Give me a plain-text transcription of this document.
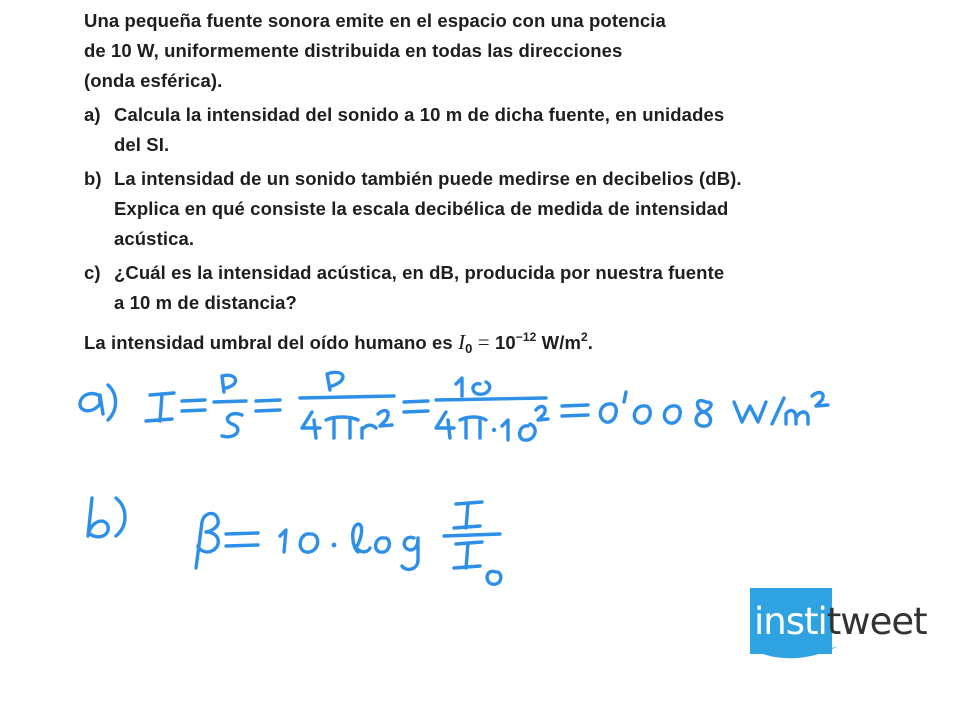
Una pequeña fuente sonora emite en el espacio con una potencia
de 10 W, uniformemente distribuida en todas las direcciones
(onda esférica).

a) Calcula la intensidad del sonido a 10 m de dicha fuente, en unidades
del SI.
b) La intensidad de un sonido también puede medirse en decibelios (dB).
Explica en qué consiste la escala decibélica de medida de intensidad
acústica.
c) ¿Cuál es la intensidad acústica, en dB, producida por nuestra fuente
a 10 m de distancia?
La intensidad umbral del oído humano es $I_0 = 10^{-12}$ $W/m^2$.
institweet
